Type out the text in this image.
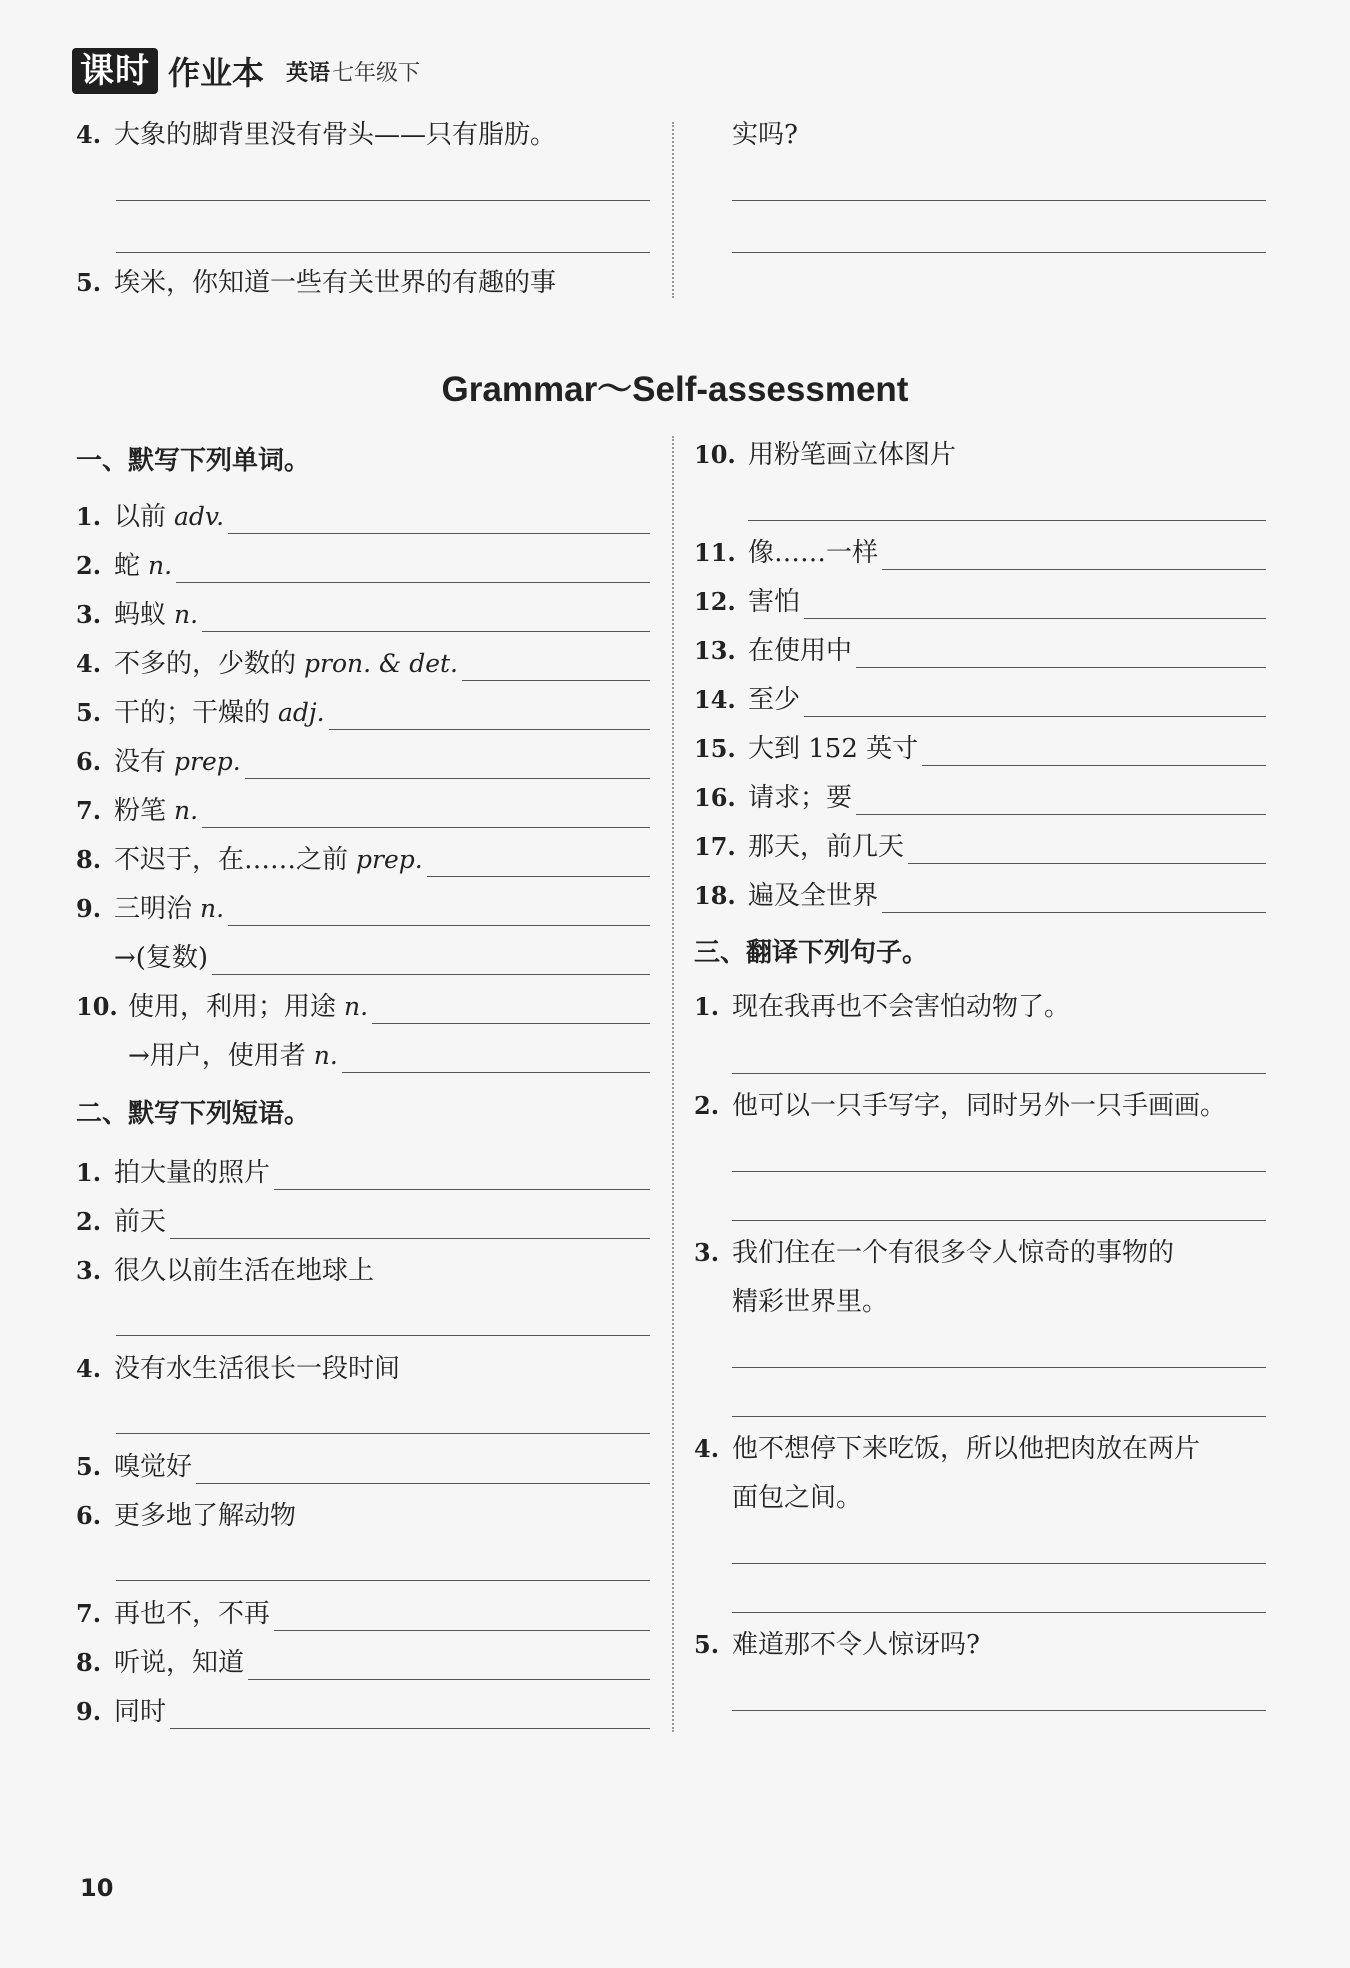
课时 作业本 英语 七年级下
4. 大象的脚背里没有骨头——只有脂肪。
5. 埃米，你知道一些有关世界的有趣的事
实吗?
Grammar～Self-assessment
一、默写下列单词。
1. 以前 adv.
2. 蛇 n.
3. 蚂蚁 n.
4. 不多的，少数的 pron. & det.
5. 干的；干燥的 adj.
6. 没有 prep.
7. 粉笔 n.
8. 不迟于，在……之前 prep.
9. 三明治 n.
→(复数)
10. 使用，利用；用途 n.
→用户，使用者 n.
二、默写下列短语。
1. 拍大量的照片
2. 前天
3. 很久以前生活在地球上
4. 没有水生活很长一段时间
5. 嗅觉好
6. 更多地了解动物
7. 再也不，不再
8. 听说，知道
9. 同时
10. 用粉笔画立体图片
11. 像……一样
12. 害怕
13. 在使用中
14. 至少
15. 大到 152 英寸
16. 请求；要
17. 那天，前几天
18. 遍及全世界
三、翻译下列句子。
1. 现在我再也不会害怕动物了。
2. 他可以一只手写字，同时另外一只手画画。
3. 我们住在一个有很多令人惊奇的事物的
精彩世界里。
4. 他不想停下来吃饭，所以他把肉放在两片
面包之间。
5. 难道那不令人惊讶吗?
10
